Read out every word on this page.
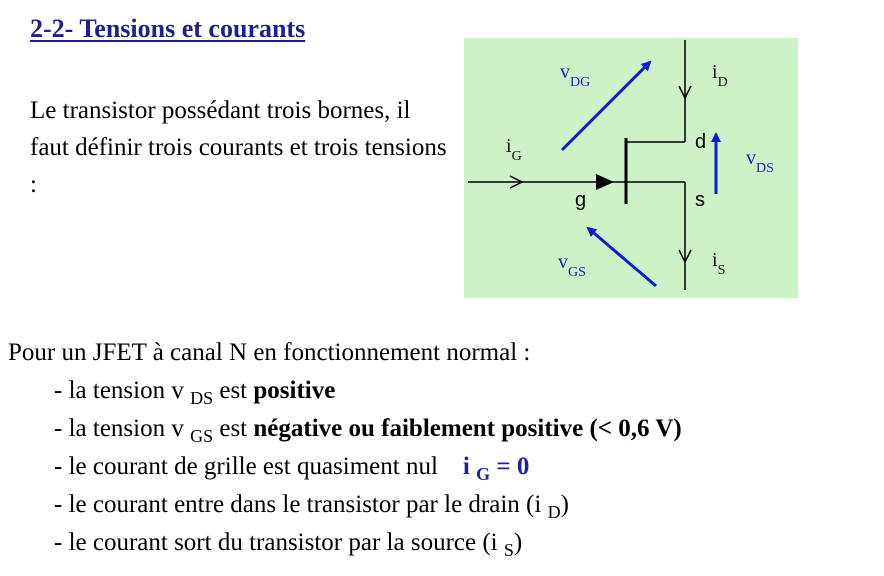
2-2- Tensions et courants
Le transistor possédant trois bornes, il faut définir trois courants et trois tensions :
d
s
g
$i_G$
$i_D$
$i_S$
$v_{DG}$
$v_{DS}$
$v_{GS}$
Pour un JFET à canal N en fonctionnement normal :
- la tension v $_{DS}$ est positive
- la tension v $_{GS}$ est négative ou faiblement positive (< 0,6 V)
- le courant de grille est quasiment nul    i $_G$ = 0
- le courant entre dans le transistor par le drain (i $_D$)
- le courant sort du transistor par la source (i $_S$)
